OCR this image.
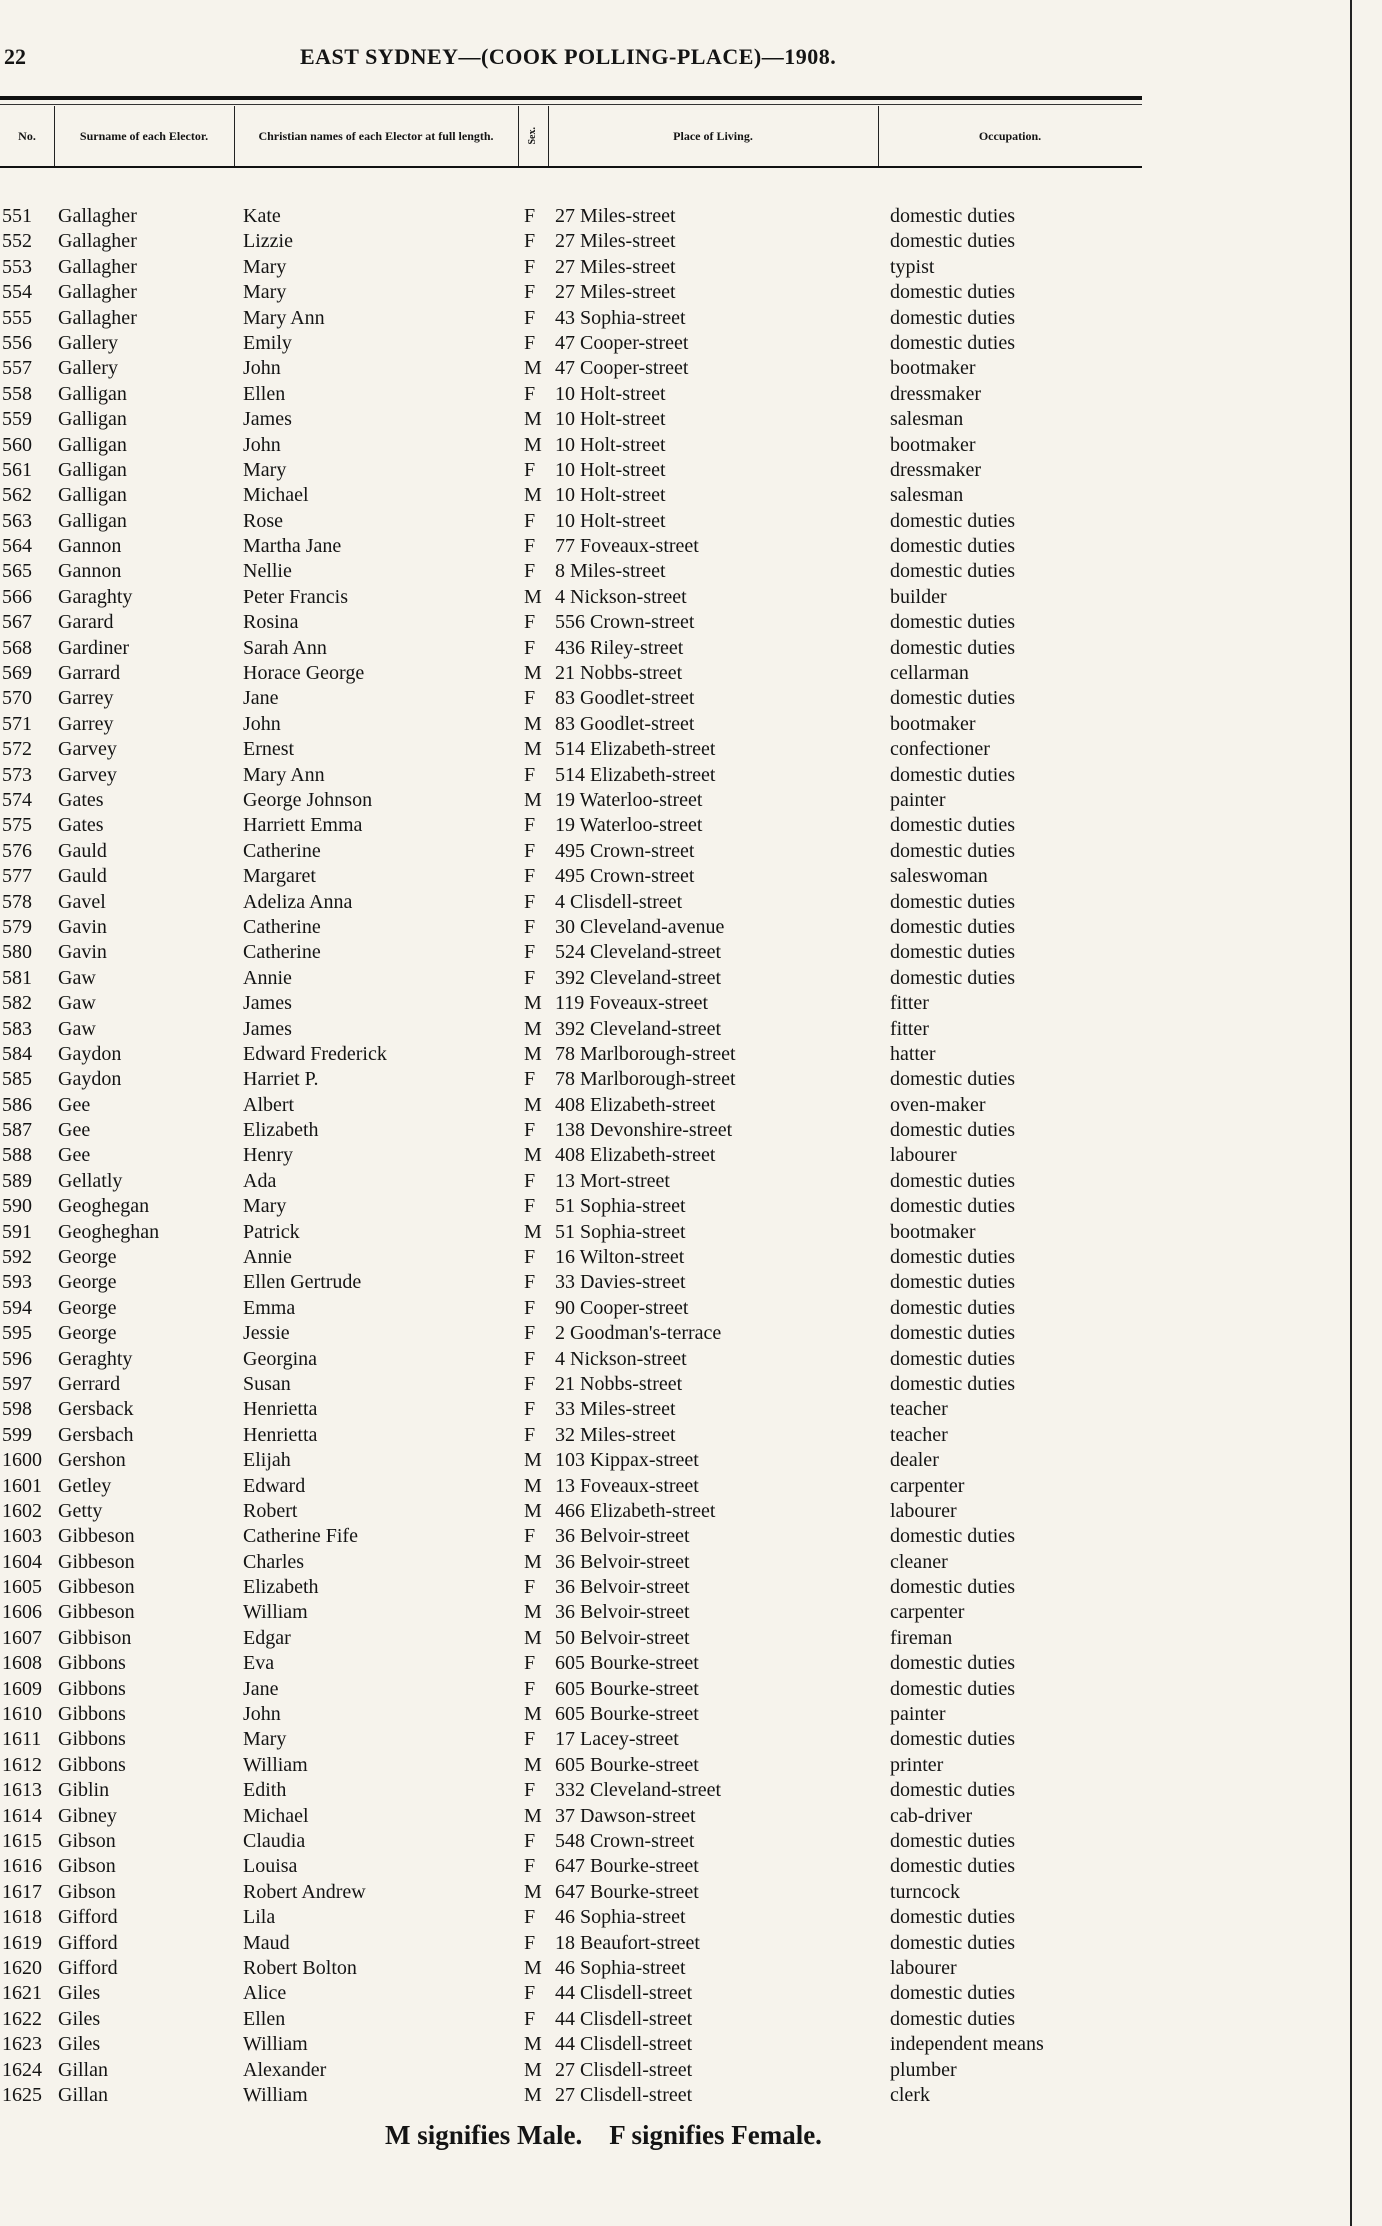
22	EAST SYDNEY—(COOK POLLING-PLACE)—1908.
No.	Surname of each Elector.	Christian names of each Elector at full length.	Sex.	Place of Living.	Occupation.
551 Gallagher	Kate	F 27 Miles-street	domestic duties
552 Gallagher	Lizzie	F 27 Miles-street	domestic duties
553 Gallagher	Mary	F 27 Miles-street	typist
554 Gallagher	Mary	F 27 Miles-street	domestic duties
555 Gallagher	Mary Ann	F 43 Sophia-street	domestic duties
556 Gallery	Emily	F 47 Cooper-street	domestic duties
557 Gallery	John	M 47 Cooper-street	bootmaker
558 Galligan	Ellen	F 10 Holt-street	dressmaker
559 Galligan	James	M 10 Holt-street	salesman
560 Galligan	John	M 10 Holt-street	bootmaker
561 Galligan	Mary	F 10 Holt-street	dressmaker
562 Galligan	Michael	M 10 Holt-street	salesman
563 Galligan	Rose	F 10 Holt-street	domestic duties
564 Gannon	Martha Jane	F 77 Foveaux-street	domestic duties
565 Gannon	Nellie	F 8 Miles-street	domestic duties
566 Garaghty	Peter Francis	M 4 Nickson-street	builder
567 Garard	Rosina	F 556 Crown-street	domestic duties
568 Gardiner	Sarah Ann	F 436 Riley-street	domestic duties
569 Garrard	Horace George	M 21 Nobbs-street	cellarman
570 Garrey	Jane	F 83 Goodlet-street	domestic duties
571 Garrey	John	M 83 Goodlet-street	bootmaker
572 Garvey	Ernest	M 514 Elizabeth-street	confectioner
573 Garvey	Mary Ann	F 514 Elizabeth-street	domestic duties
574 Gates	George Johnson	M 19 Waterloo-street	painter
575 Gates	Harriett Emma	F 19 Waterloo-street	domestic duties
576 Gauld	Catherine	F 495 Crown-street	domestic duties
577 Gauld	Margaret	F 495 Crown-street	saleswoman
578 Gavel	Adeliza Anna	F 4 Clisdell-street	domestic duties
579 Gavin	Catherine	F 30 Cleveland-avenue	domestic duties
580 Gavin	Catherine	F 524 Cleveland-street	domestic duties
581 Gaw	Annie	F 392 Cleveland-street	domestic duties
582 Gaw	James	M 119 Foveaux-street	fitter
583 Gaw	James	M 392 Cleveland-street	fitter
584 Gaydon	Edward Frederick	M 78 Marlborough-street	hatter
585 Gaydon	Harriet P.	F 78 Marlborough-street	domestic duties
586 Gee	Albert	M 408 Elizabeth-street	oven-maker
587 Gee	Elizabeth	F 138 Devonshire-street	domestic duties
588 Gee	Henry	M 408 Elizabeth-street	labourer
589 Gellatly	Ada	F 13 Mort-street	domestic duties
590 Geoghegan	Mary	F 51 Sophia-street	domestic duties
591 Geogheghan	Patrick	M 51 Sophia-street	bootmaker
592 George	Annie	F 16 Wilton-street	domestic duties
593 George	Ellen Gertrude	F 33 Davies-street	domestic duties
594 George	Emma	F 90 Cooper-street	domestic duties
595 George	Jessie	F 2 Goodman's-terrace	domestic duties
596 Geraghty	Georgina	F 4 Nickson-street	domestic duties
597 Gerrard	Susan	F 21 Nobbs-street	domestic duties
598 Gersback	Henrietta	F 33 Miles-street	teacher
599 Gersbach	Henrietta	F 32 Miles-street	teacher
1600 Gershon	Elijah	M 103 Kippax-street	dealer
1601 Getley	Edward	M 13 Foveaux-street	carpenter
1602 Getty	Robert	M 466 Elizabeth-street	labourer
1603 Gibbeson	Catherine Fife	F 36 Belvoir-street	domestic duties
1604 Gibbeson	Charles	M 36 Belvoir-street	cleaner
1605 Gibbeson	Elizabeth	F 36 Belvoir-street	domestic duties
1606 Gibbeson	William	M 36 Belvoir-street	carpenter
1607 Gibbison	Edgar	M 50 Belvoir-street	fireman
1608 Gibbons	Eva	F 605 Bourke-street	domestic duties
1609 Gibbons	Jane	F 605 Bourke-street	domestic duties
1610 Gibbons	John	M 605 Bourke-street	painter
1611 Gibbons	Mary	F 17 Lacey-street	domestic duties
1612 Gibbons	William	M 605 Bourke-street	printer
1613 Giblin	Edith	F 332 Cleveland-street	domestic duties
1614 Gibney	Michael	M 37 Dawson-street	cab-driver
1615 Gibson	Claudia	F 548 Crown-street	domestic duties
1616 Gibson	Louisa	F 647 Bourke-street	domestic duties
1617 Gibson	Robert Andrew	M 647 Bourke-street	turncock
1618 Gifford	Lila	F 46 Sophia-street	domestic duties
1619 Gifford	Maud	F 18 Beaufort-street	domestic duties
1620 Gifford	Robert Bolton	M 46 Sophia-street	labourer
1621 Giles	Alice	F 44 Clisdell-street	domestic duties
1622 Giles	Ellen	F 44 Clisdell-street	domestic duties
1623 Giles	William	M 44 Clisdell-street	independent means
1624 Gillan	Alexander	M 27 Clisdell-street	plumber
1625 Gillan	William	M 27 Clisdell-street	clerk
M signifies Male. F signifies Female.
